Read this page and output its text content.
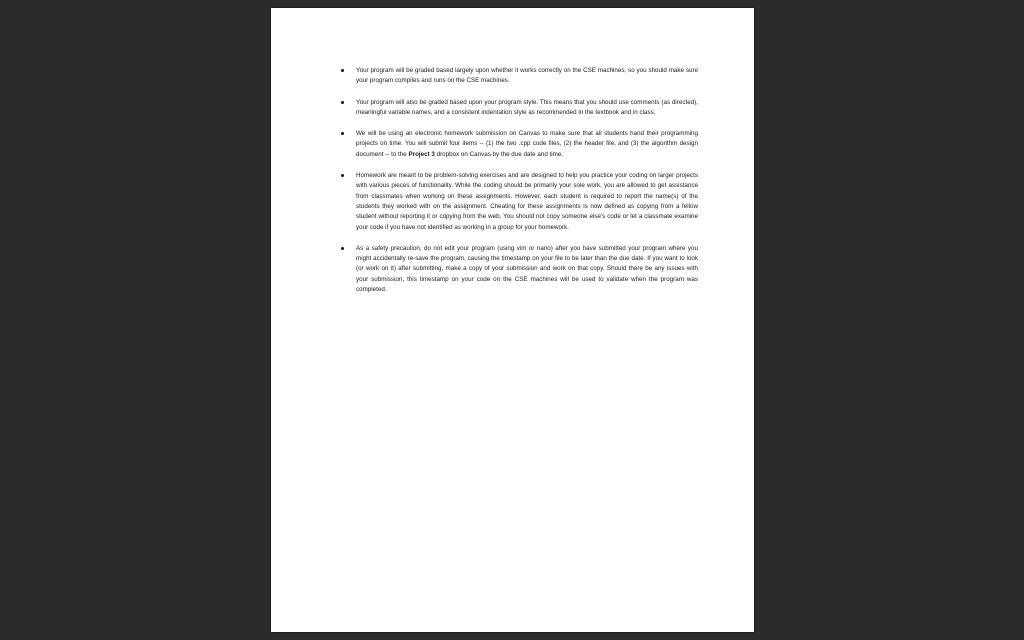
Your program will be graded based largely upon whether it works correctly on the CSE machines, so you should make sure your program compiles and runs on the CSE machines.

Your program will also be graded based upon your program style. This means that you should use comments (as directed), meaningful variable names, and a consistent indentation style as recommended in the textbook and in class.

We will be using an electronic homework submission on Canvas to make sure that all students hand their programming projects on time. You will submit four items -- (1) the two .cpp code files, (2) the header file, and (3) the algorithm design document -- to the Project 3 dropbox on Canvas by the due date and time.

Homework are meant to be problem-solving exercises and are designed to help you practice your coding on larger projects with various pieces of functionality. While the coding should be primarily your sole work, you are allowed to get assistance from classmates when working on these assignments. However, each student is required to report the name(s) of the students they worked with on the assignment. Cheating for these assignments is now defined as copying from a fellow student without reporting it or copying from the web. You should not copy someone else's code or let a classmate examine your code if you have not identified as working in a group for your homework.

As a safety precaution, do not edit your program (using vim or nano) after you have submitted your program where you might accidentally re-save the program, causing the timestamp on your file to be later than the due date. If you want to look (or work on it) after submitting, make a copy of your submission and work on that copy. Should there be any issues with your submission, this timestamp on your code on the CSE machines will be used to validate when the program was completed.
